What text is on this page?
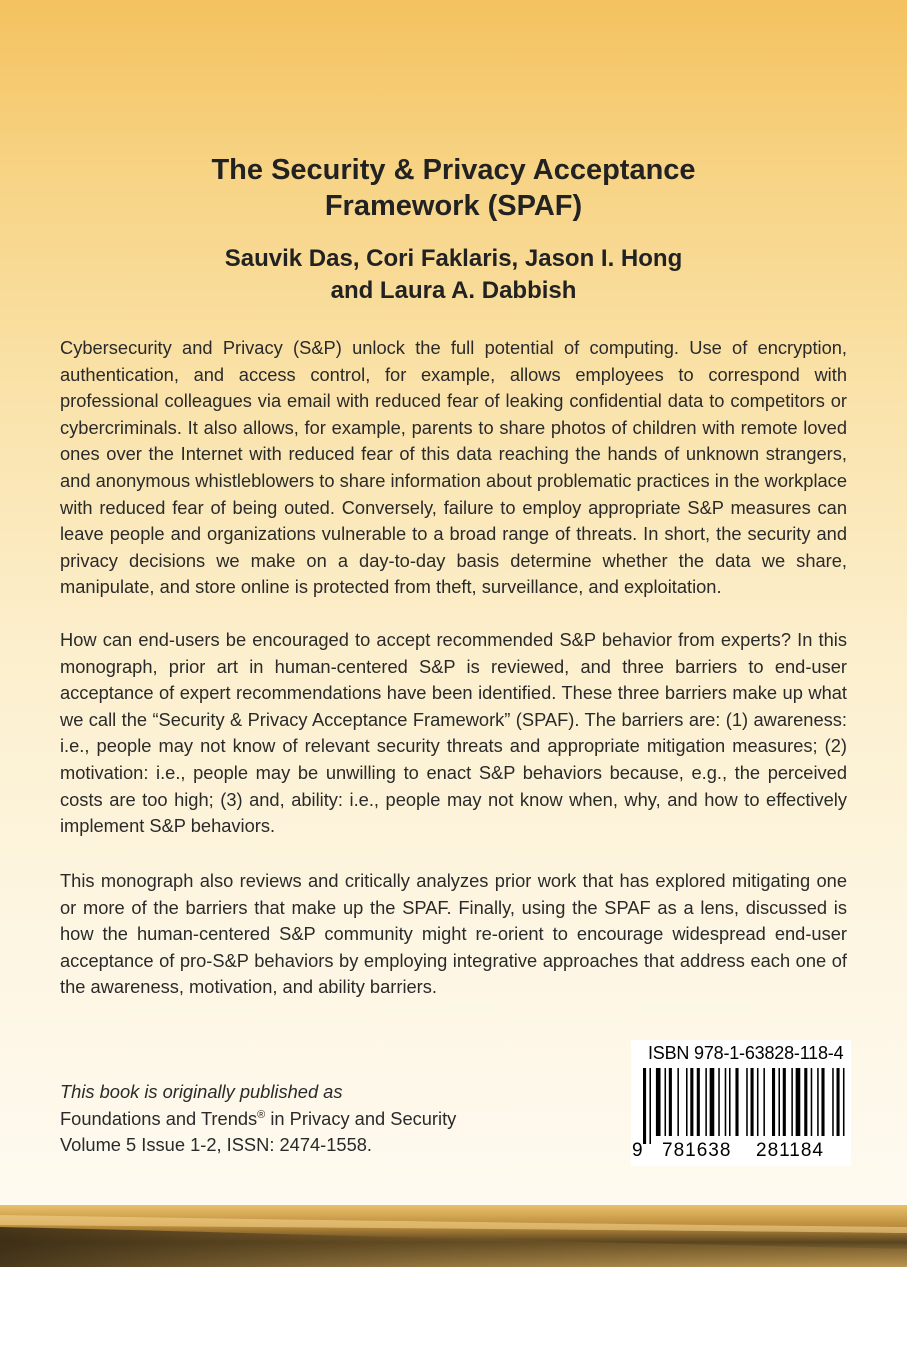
The Security & Privacy Acceptance
Framework (SPAF)
Sauvik Das, Cori Faklaris, Jason I. Hong
and Laura A. Dabbish

Cybersecurity and Privacy (S&P) unlock the full potential of computing. Use of encryption, authentication, and access control, for example, allows employees to correspond with professional colleagues via email with reduced fear of leaking confidential data to competitors or cybercriminals. It also allows, for example, parents to share photos of children with remote loved ones over the Internet with reduced fear of this data reaching the hands of unknown strangers, and anonymous whistleblowers to share information about problematic practices in the workplace with reduced fear of being outed. Conversely, failure to employ appropriate S&P measures can leave people and organizations vulnerable to a broad range of threats. In short, the security and privacy decisions we make on a day-to-day basis determine whether the data we share, manipulate, and store online is protected from theft, surveillance, and exploitation.

How can end-users be encouraged to accept recommended S&P behavior from experts? In this monograph, prior art in human-centered S&P is reviewed, and three barriers to end-user acceptance of expert recommendations have been identified. These three barriers make up what we call the “Security & Privacy Acceptance Framework” (SPAF). The barriers are: (1) awareness: i.e., people may not know of relevant security threats and appropriate mitigation measures; (2) motivation: i.e., people may be unwilling to enact S&P behaviors because, e.g., the perceived costs are too high; (3) and, ability: i.e., people may not know when, why, and how to effectively implement S&P behaviors.

This monograph also reviews and critically analyzes prior work that has explored mitigating one or more of the barriers that make up the SPAF. Finally, using the SPAF as a lens, discussed is how the human-centered S&P community might re-orient to encourage widespread end-user acceptance of pro-S&P behaviors by employing integrative approaches that address each one of the awareness, motivation, and ability barriers.

This book is originally published as
Foundations and Trends® in Privacy and Security
Volume 5 Issue 1-2, ISSN: 2474-1558.
ISBN 978-1-63828-118-4
9 781638 281184
